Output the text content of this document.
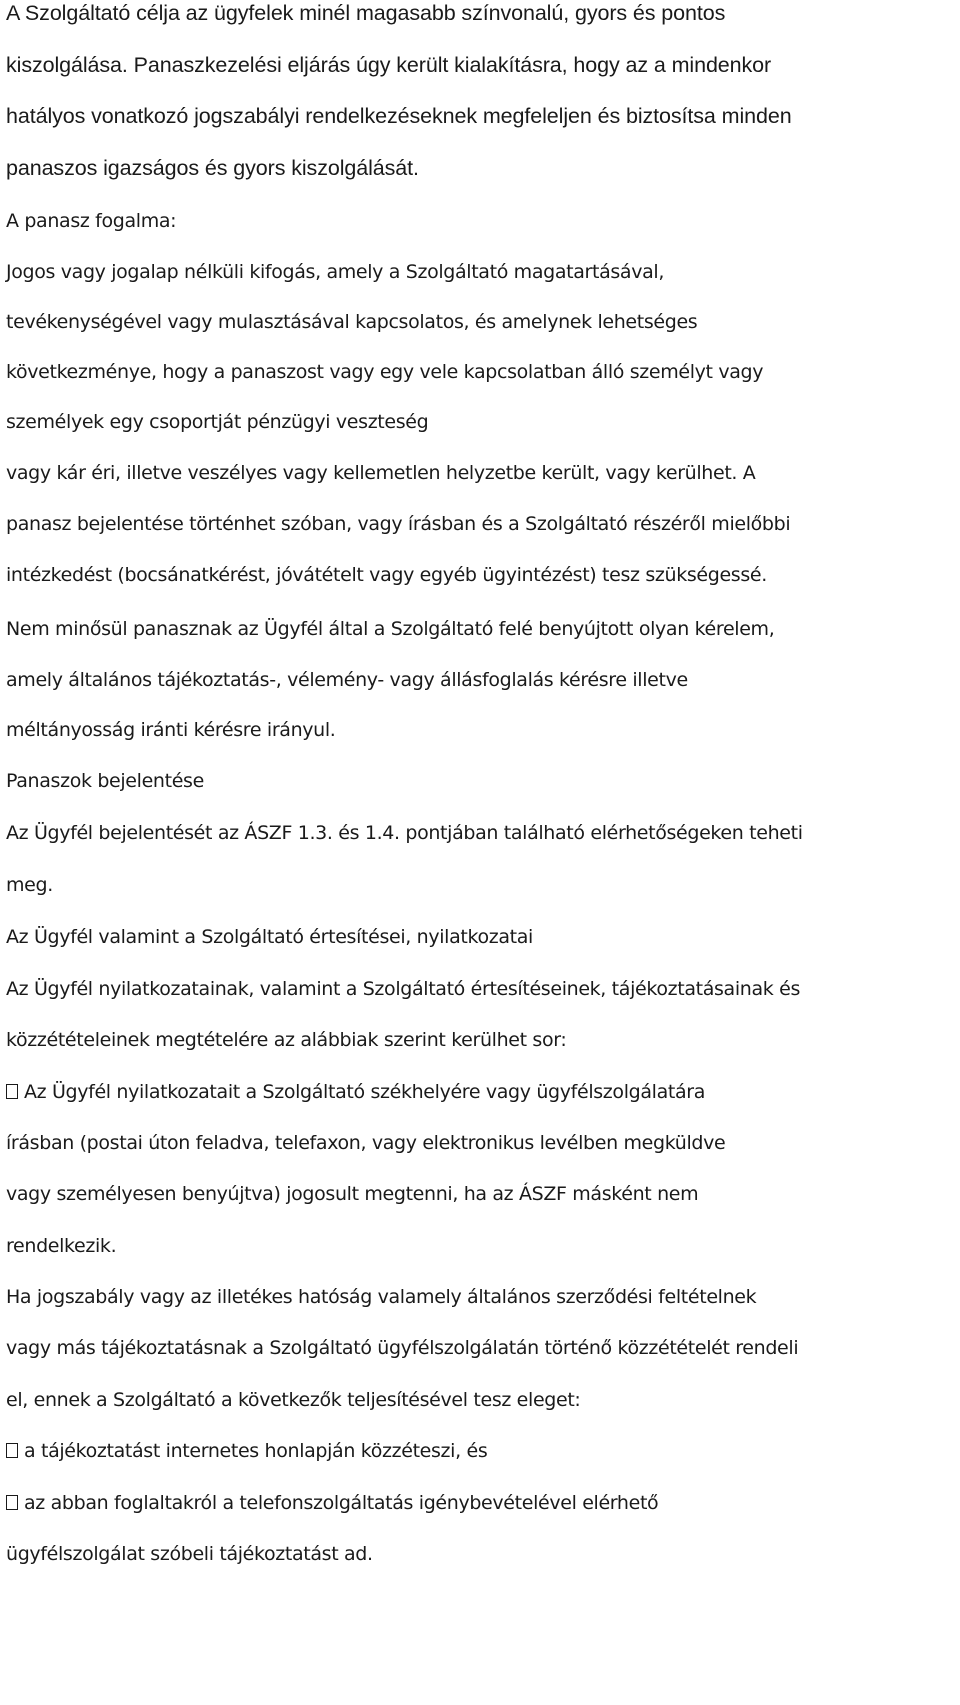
A Szolgáltató célja az ügyfelek minél magasabb színvonalú, gyors és pontos

kiszolgálása. Panaszkezelési eljárás úgy került kialakításra, hogy az a mindenkor

hatályos vonatkozó jogszabályi rendelkezéseknek megfeleljen és biztosítsa minden

panaszos igazságos és gyors kiszolgálását.

A panasz fogalma:

Jogos vagy jogalap nélküli kifogás, amely a Szolgáltató magatartásával,

tevékenységével vagy mulasztásával kapcsolatos, és amelynek lehetséges

következménye, hogy a panaszost vagy egy vele kapcsolatban álló személyt vagy

személyek egy csoportját pénzügyi veszteség

vagy kár éri, illetve veszélyes vagy kellemetlen helyzetbe került, vagy kerülhet. A

panasz bejelentése történhet szóban, vagy írásban és a Szolgáltató részéről mielőbbi

intézkedést (bocsánatkérést, jóvátételt vagy egyéb ügyintézést) tesz szükségessé.

Nem minősül panasznak az Ügyfél által a Szolgáltató felé benyújtott olyan kérelem,

amely általános tájékoztatás-, vélemény- vagy állásfoglalás kérésre illetve

méltányosság iránti kérésre irányul.

Panaszok bejelentése

Az Ügyfél bejelentését az ÁSZF 1.3. és 1.4. pontjában található elérhetőségeken teheti

meg.

Az Ügyfél valamint a Szolgáltató értesítései, nyilatkozatai

Az Ügyfél nyilatkozatainak, valamint a Szolgáltató értesítéseinek, tájékoztatásainak és

közzétételeinek megtételére az alábbiak szerint kerülhet sor:

Az Ügyfél nyilatkozatait a Szolgáltató székhelyére vagy ügyfélszolgálatára

írásban (postai úton feladva, telefaxon, vagy elektronikus levélben megküldve

vagy személyesen benyújtva) jogosult megtenni, ha az ÁSZF másként nem

rendelkezik.

Ha jogszabály vagy az illetékes hatóság valamely általános szerződési feltételnek

vagy más tájékoztatásnak a Szolgáltató ügyfélszolgálatán történő közzétételét rendeli

el, ennek a Szolgáltató a következők teljesítésével tesz eleget:

a tájékoztatást internetes honlapján közzéteszi, és

az abban foglaltakról a telefonszolgáltatás igénybevételével elérhető

ügyfélszolgálat szóbeli tájékoztatást ad.
